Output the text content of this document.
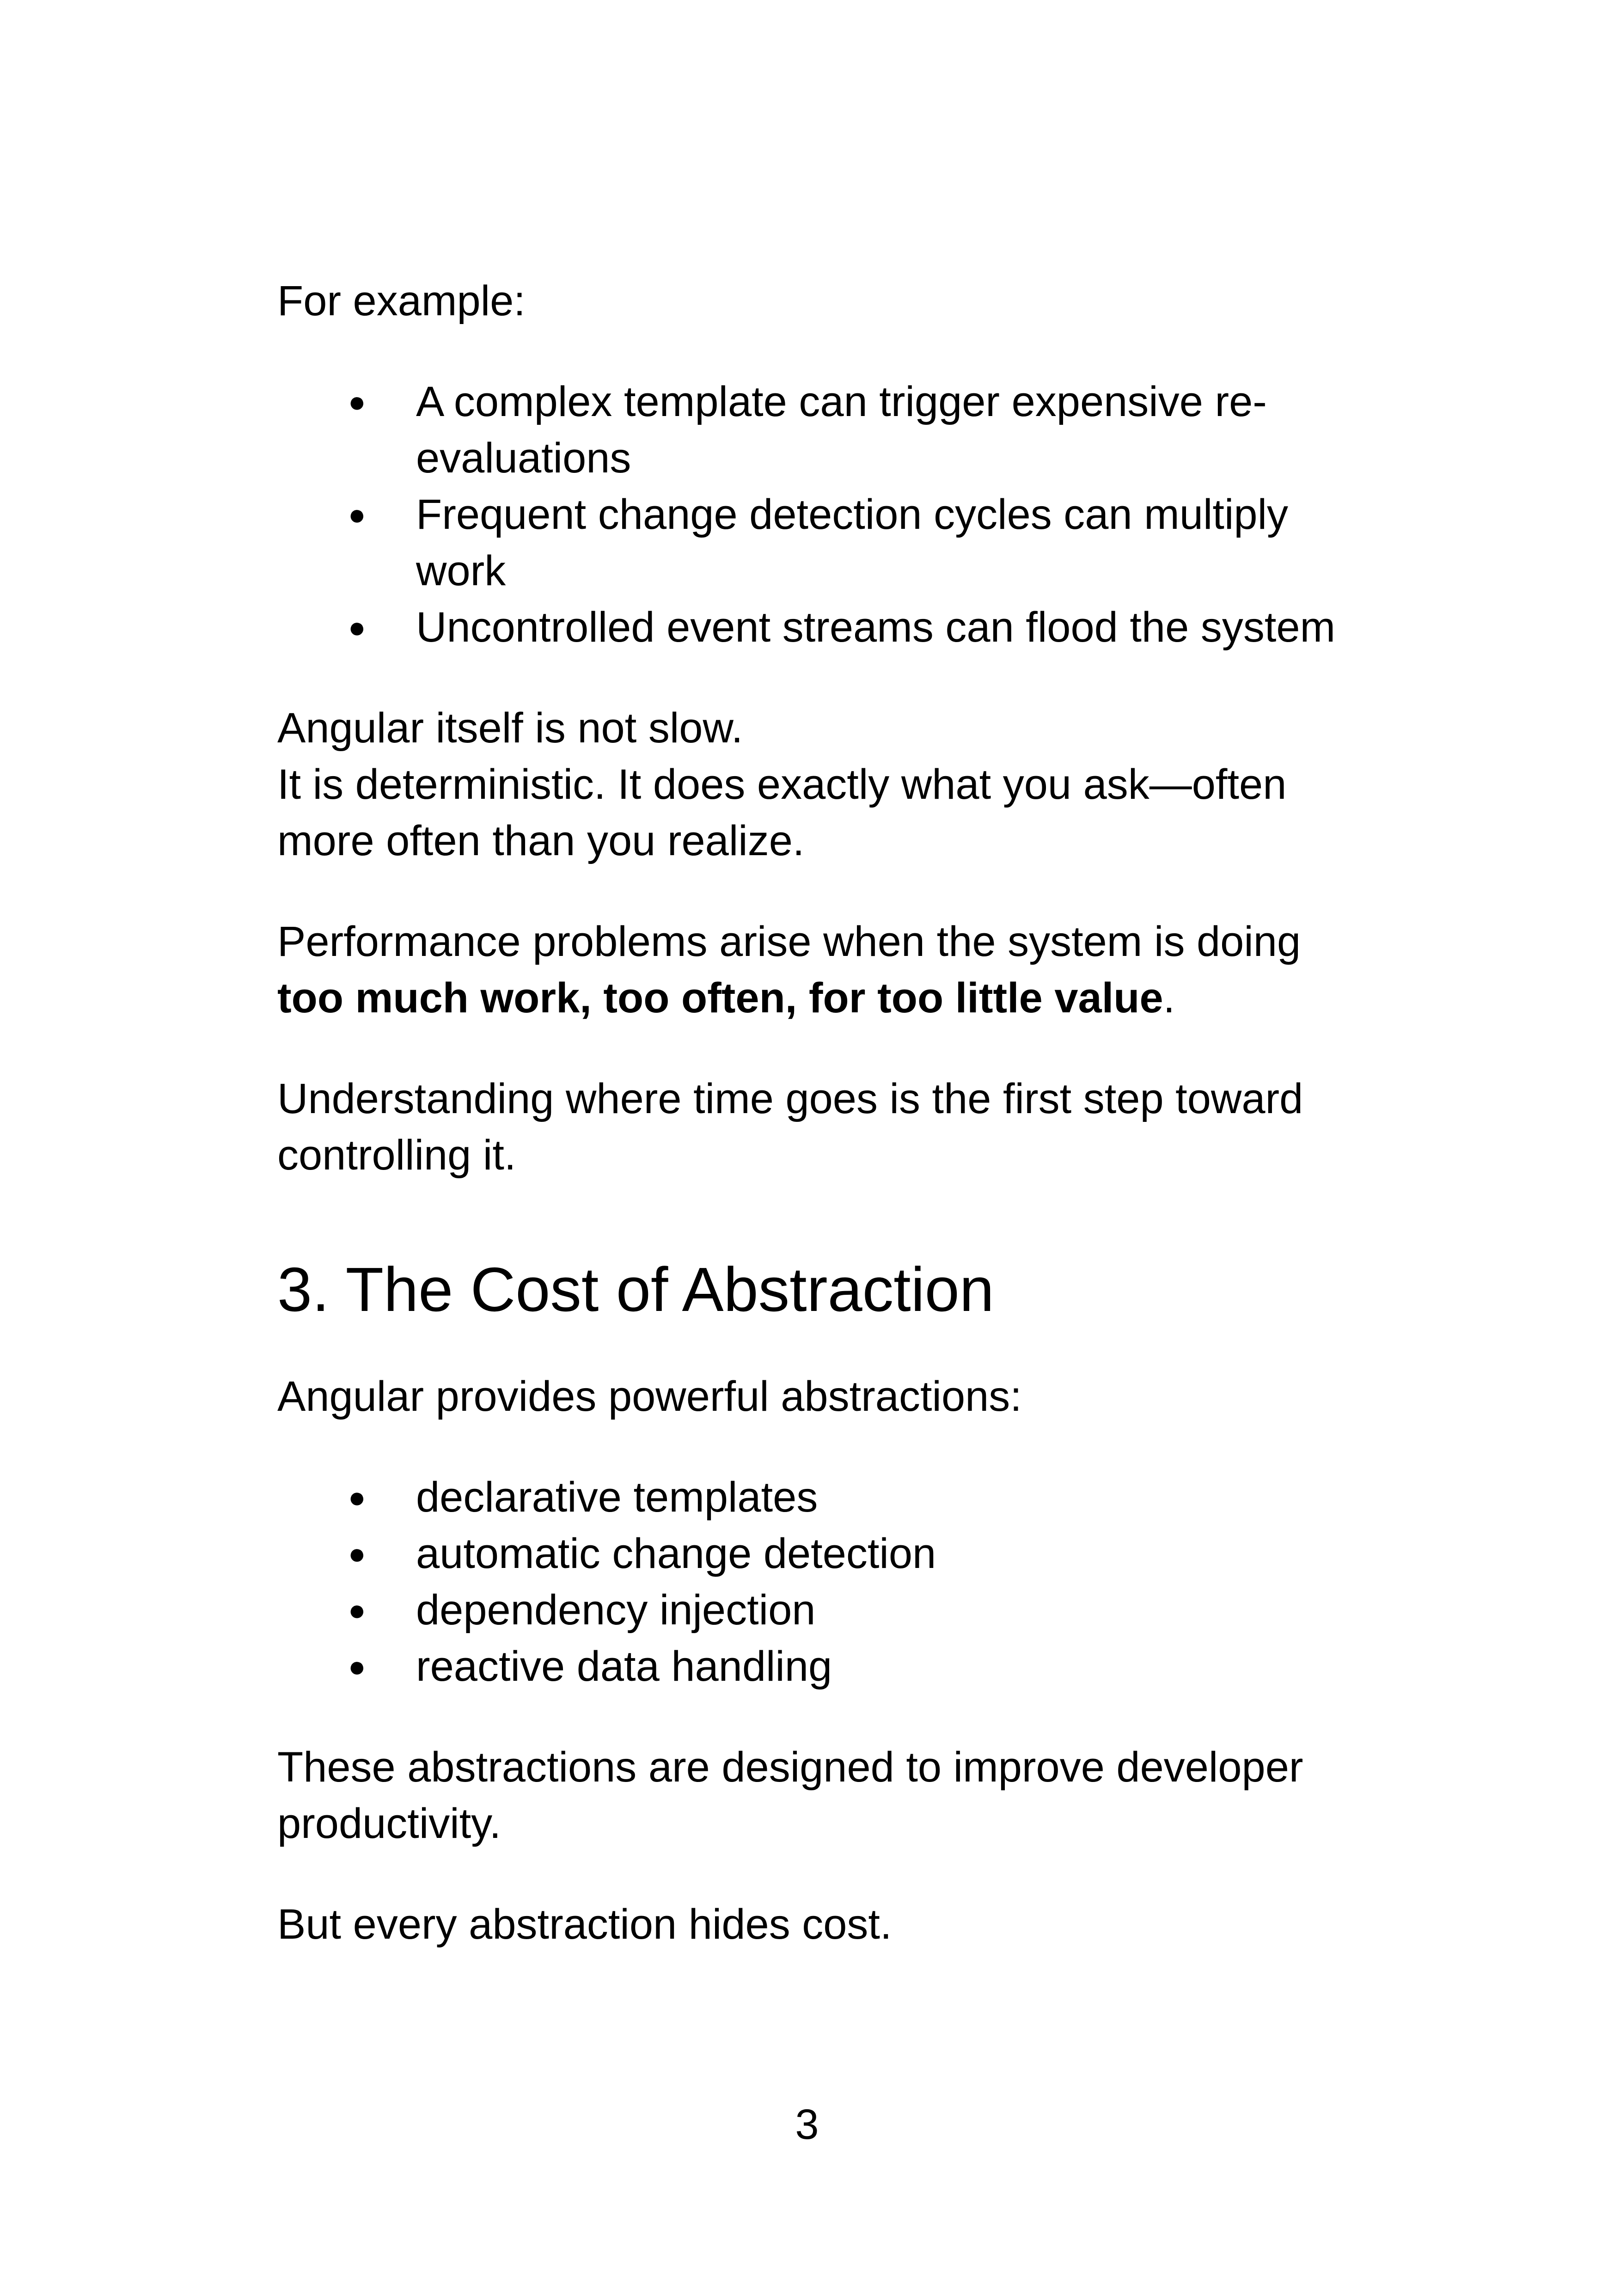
For example:

● A complex template can trigger expensive re-evaluations
● Frequent change detection cycles can multiply work
● Uncontrolled event streams can flood the system

Angular itself is not slow.

It is deterministic. It does exactly what you ask—often more often than you realize.

Performance problems arise when the system is doing too much work, too often, for too little value.

Understanding where time goes is the first step toward controlling it.

3. The Cost of Abstraction

Angular provides powerful abstractions:

● declarative templates
● automatic change detection
● dependency injection
● reactive data handling

These abstractions are designed to improve developer productivity.

But every abstraction hides cost.

3
